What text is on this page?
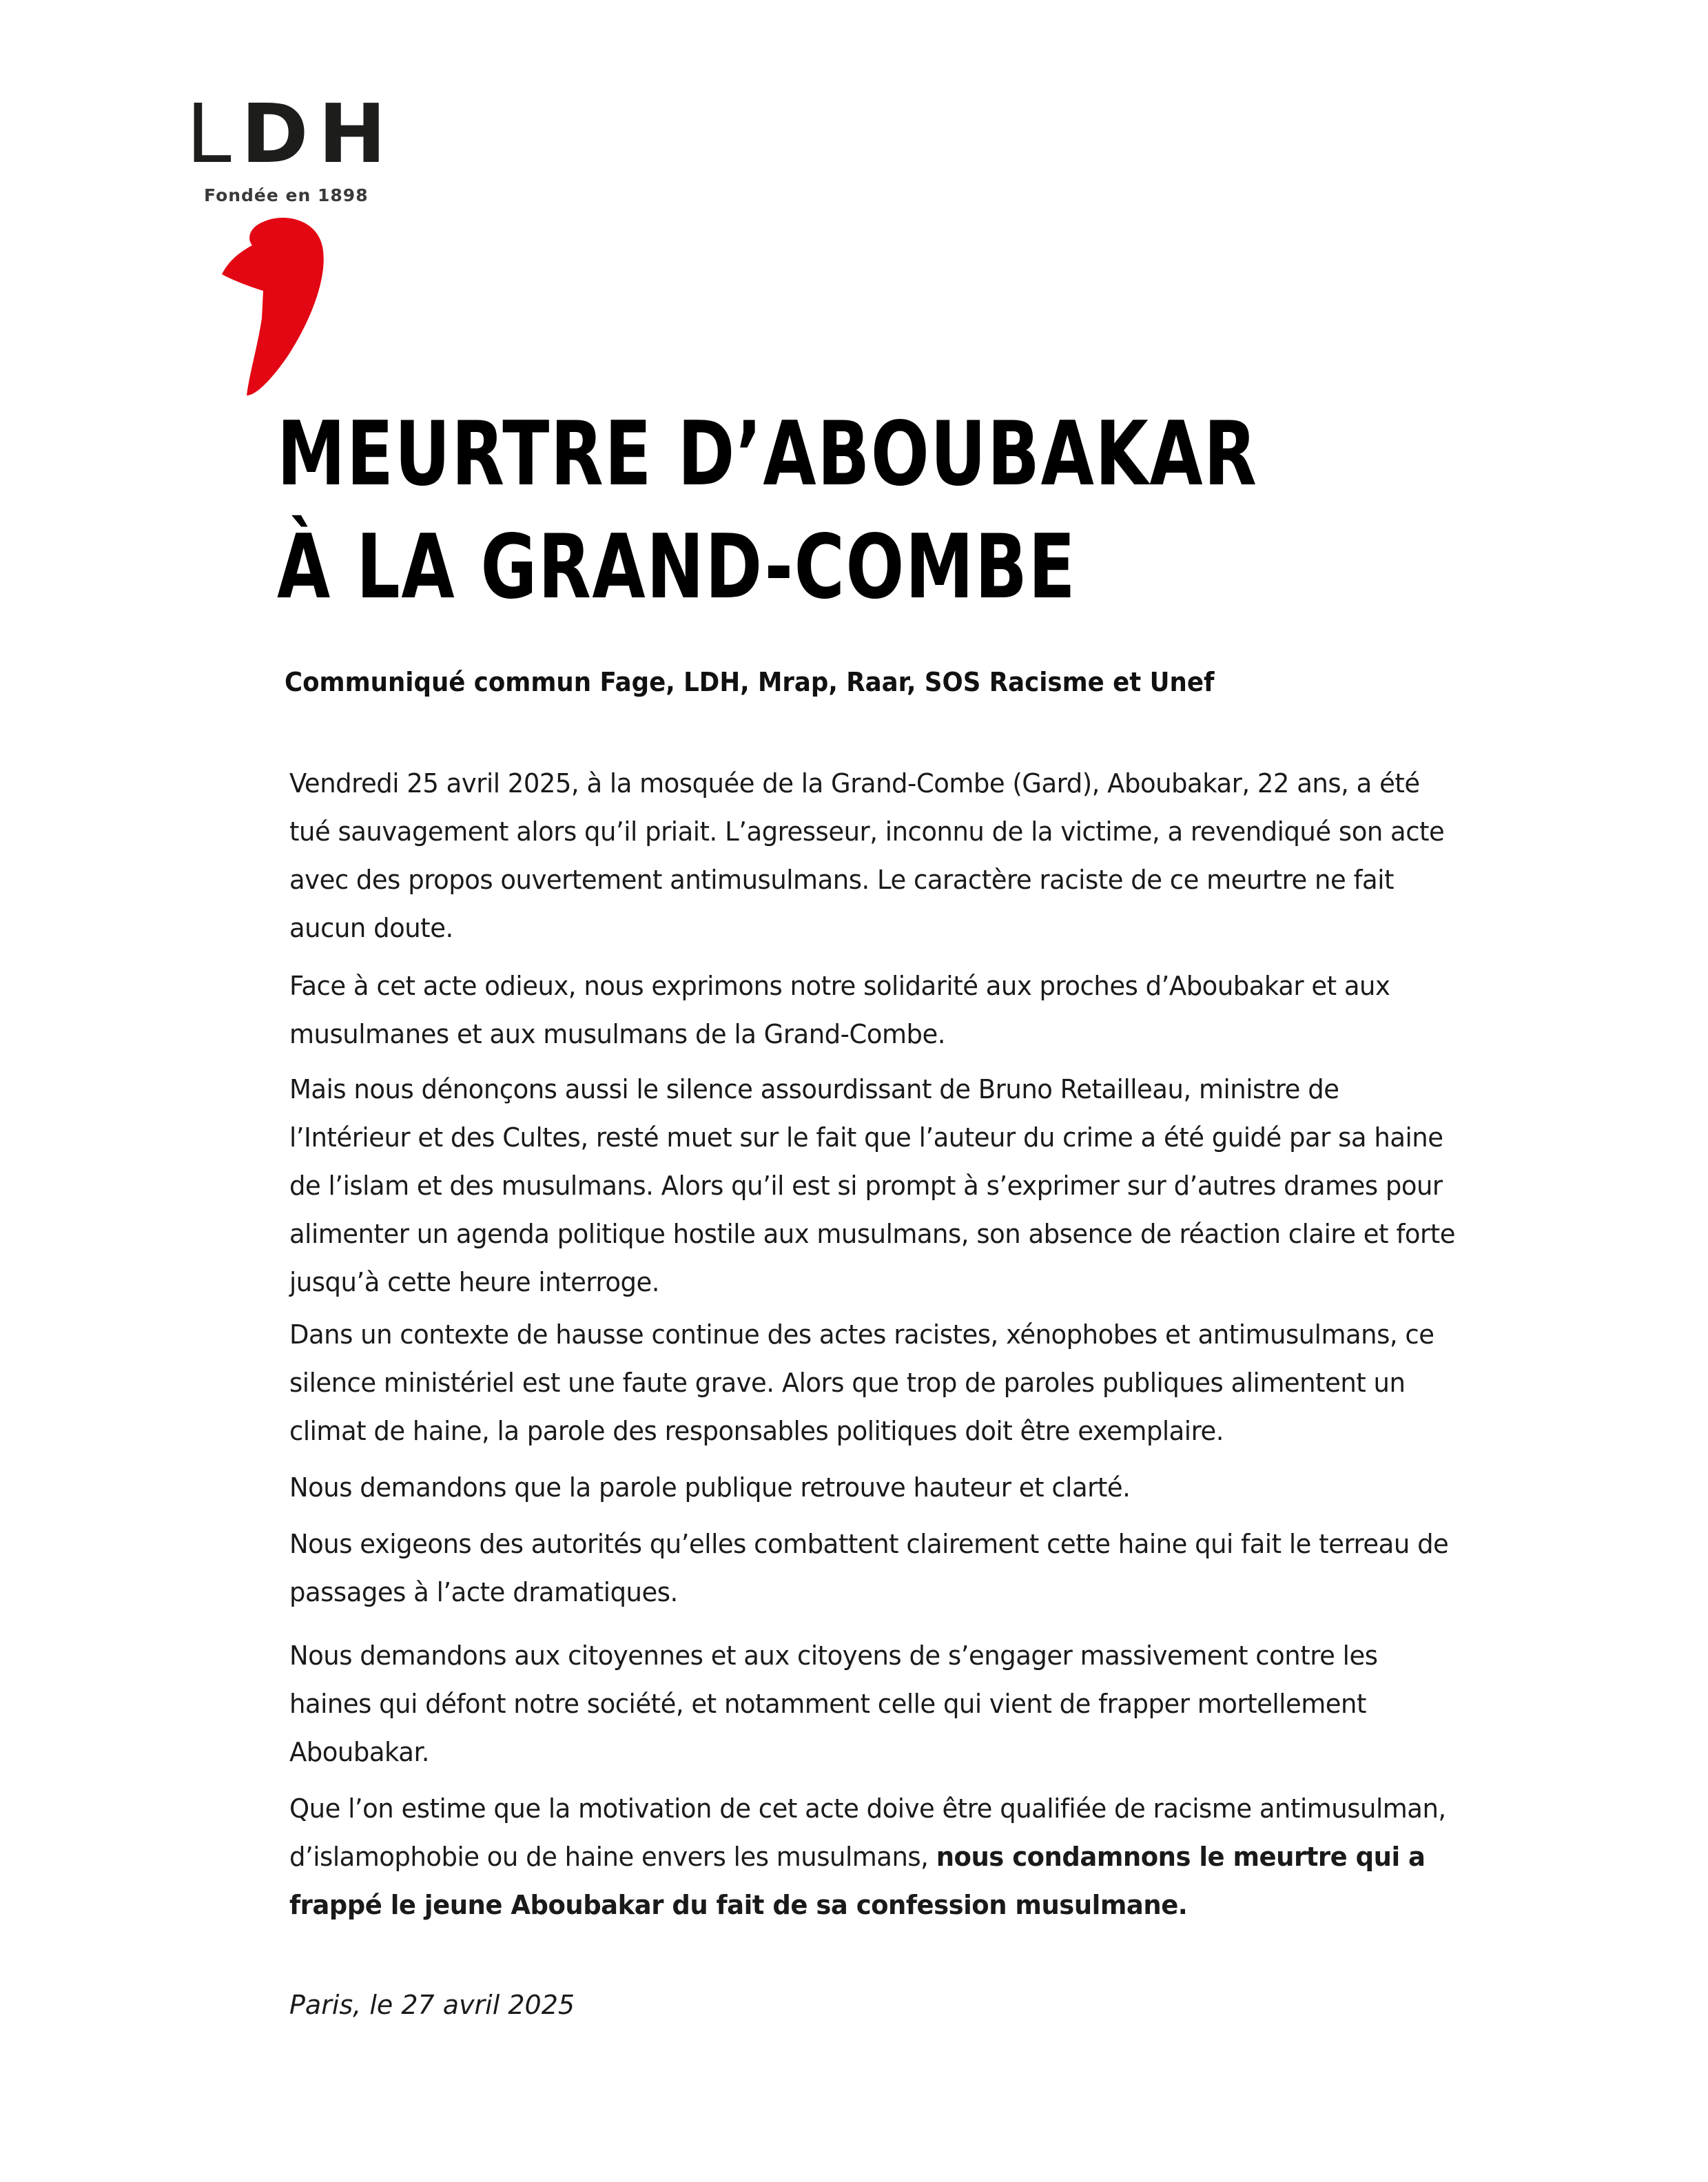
L D H
Fondée en 1898
MEURTRE D’ABOUBAKAR
À LA GRAND-COMBE

Communiqué commun Fage, LDH, Mrap, Raar, SOS Racisme et Unef

Vendredi 25 avril 2025, à la mosquée de la Grand-Combe (Gard), Aboubakar, 22 ans, a été
tué sauvagement alors qu’il priait. L’agresseur, inconnu de la victime, a revendiqué son acte
avec des propos ouvertement antimusulmans. Le caractère raciste de ce meurtre ne fait
aucun doute.

Face à cet acte odieux, nous exprimons notre solidarité aux proches d’Aboubakar et aux
musulmanes et aux musulmans de la Grand-Combe.

Mais nous dénonçons aussi le silence assourdissant de Bruno Retailleau, ministre de
l’Intérieur et des Cultes, resté muet sur le fait que l’auteur du crime a été guidé par sa haine
de l’islam et des musulmans. Alors qu’il est si prompt à s’exprimer sur d’autres drames pour
alimenter un agenda politique hostile aux musulmans, son absence de réaction claire et forte
jusqu’à cette heure interroge.

Dans un contexte de hausse continue des actes racistes, xénophobes et antimusulmans, ce
silence ministériel est une faute grave. Alors que trop de paroles publiques alimentent un
climat de haine, la parole des responsables politiques doit être exemplaire.

Nous demandons que la parole publique retrouve hauteur et clarté.

Nous exigeons des autorités qu’elles combattent clairement cette haine qui fait le terreau de
passages à l’acte dramatiques.

Nous demandons aux citoyennes et aux citoyens de s’engager massivement contre les
haines qui défont notre société, et notamment celle qui vient de frapper mortellement
Aboubakar.

Que l’on estime que la motivation de cet acte doive être qualifiée de racisme antimusulman,
d’islamophobie ou de haine envers les musulmans, nous condamnons le meurtre qui a
frappé le jeune Aboubakar du fait de sa confession musulmane.

Paris, le 27 avril 2025
